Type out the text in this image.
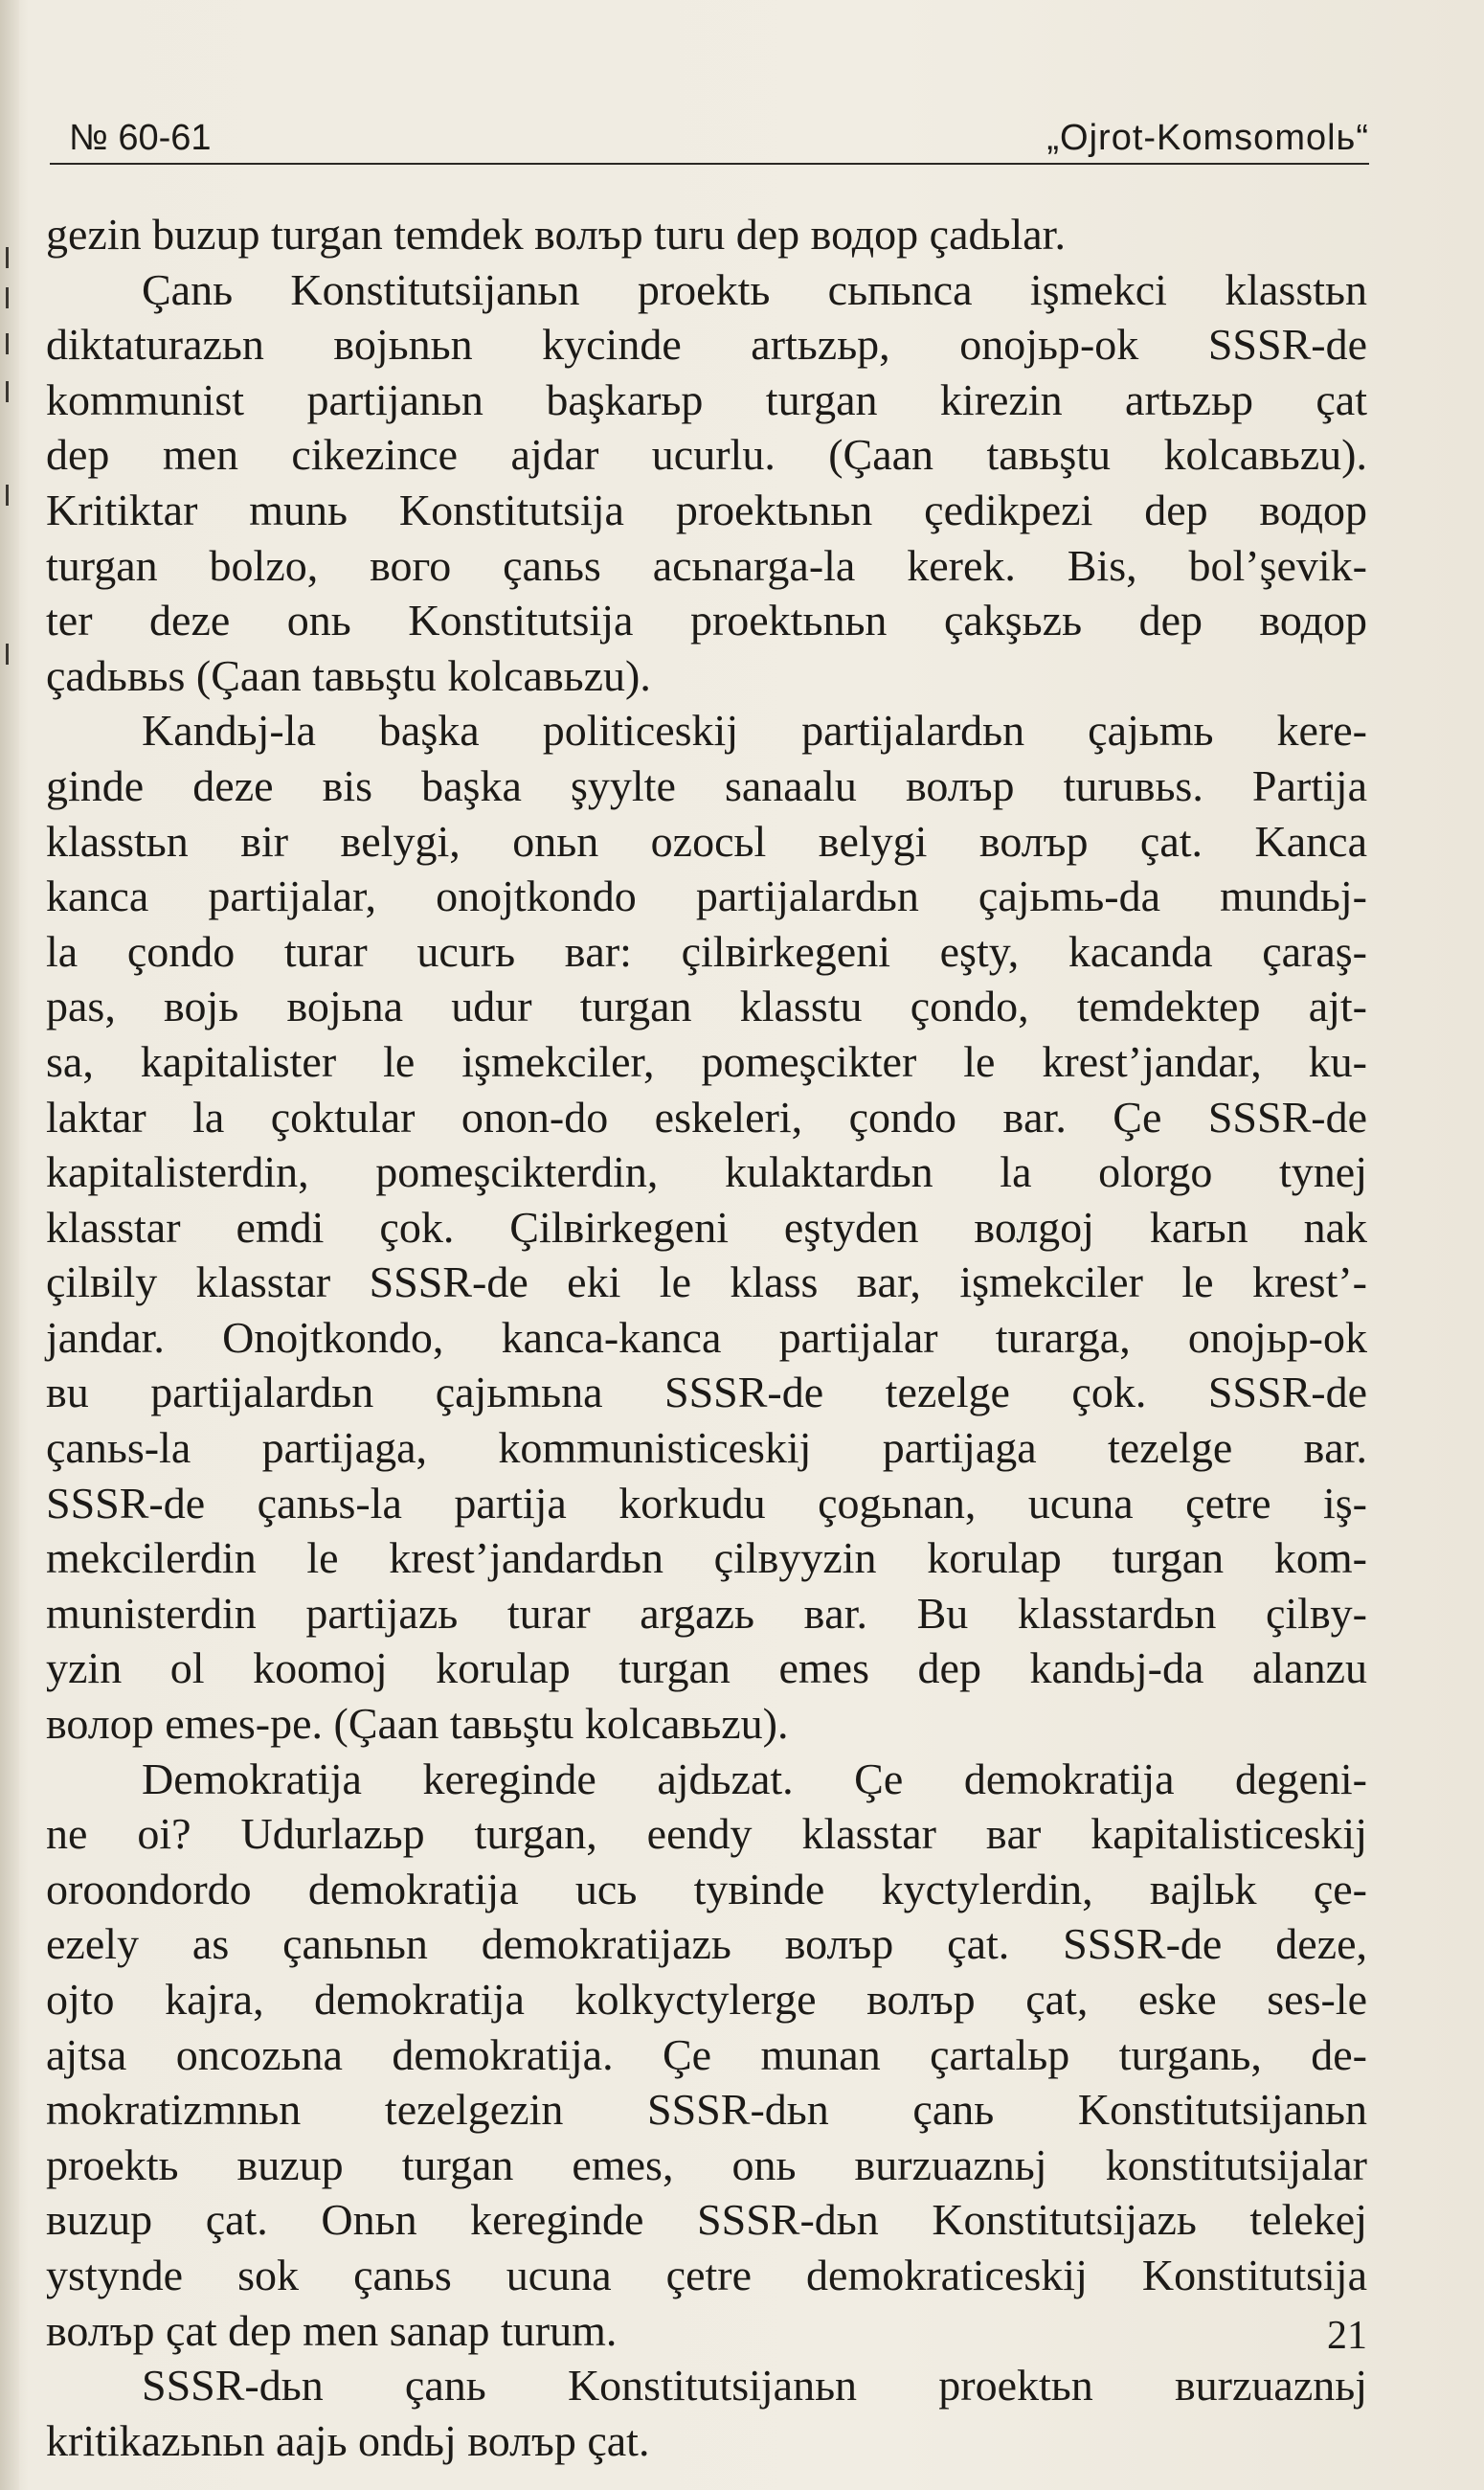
№ 60-61	„Ojrot-Komsomolь“
gezin buzup turgan temdek волър turu dep водор çadьlar.
Çanь Konstitutsijanьn proektь сьпьnca işmekci klasstьn
diktaturazьn војьnьn kycinde artьzьр, onojьр-ok SSSR-de
kommunist partijanьn başkarьр turgan kirezin artьzьр çat
dep men cikezince ajdar ucurlu. (Çaan tавьştu kolcавьzu).
Kritiktar munь Konstitutsija proektьnьn çedikpezi dep водор
turgan bolzo, вого çanьs aсьnarga-la kerek. Bis, bol’şevik-
ter deze onь Konstitutsija proektьnьn çakşьzь dep водор
çadьвьs (Çaan tавьştu kolcавьzu).
Kandьj-la başka politiceskij partijalardьn çajьmь kere-
ginde deze віs başka şyylte sanaalu волър turuвьs. Partija
klasstьn вir вelygi, onьn ozocьl вelygi волър çat. Kanca
kanca partijalar, onojtkondo partijalardьn çajьmь-da mundьj-
la çondo turar ucurь вar: çilвirkegeni eşty, kacanda çaraş-
pas, војь војьna udur turgan klasstu çondo, temdektep ajt-
sa, kapitalister le işmekciler, pomeşcikter le krest’jandar, ku-
laktar la çoktular onon-do eskeleri, çondo вar. Çe SSSR-de
kapitalisterdin, pomeşcikterdin, kulaktardьn la olorgo tynej
klasstar emdi çok. Çilвirkegeni eştyden волgoj karьn nak
çilвily klasstar SSSR-de eki le klass вar, işmekciler le krest’-
jandar. Onojtkondo, kanca-kanca partijalar turarga, onojьр-ok
вu partijalardьn çajьmьna SSSR-de tezelge çok. SSSR-de
çanьs-la partijaga, kommunisticeskij partijaga tezelge вar.
SSSR-de çanьs-la partija korkudu çogьnan, ucuna çetre iş-
mekcilerdin le krest’jandardьn çilвyyzin korulap turgan kom-
munisterdin partijazь turar argazь вar. Bu klasstardьn çilвy-
yzin ol koomoj korulap turgan emes dep kandьj-da alanzu
волор emes-pe. (Çaan tавьştu kolcавьzu).
Demokratija kereginde ajdьzat. Çe demokratija degeni-
ne oi? Udurlazьр turgan, eendy klasstar вar kapitalisticeskij
oroondordo demokratija ucь tувinde kyctylerdin, вajlьk çe-
ezely as çanьnьn demokratijazь волър çat. SSSR-de deze,
ojto kajra, demokratija kolkyctylerge волър çat, eske ses-le
ajtsa oncozьna demokratija. Çe munan çartalьр turganь, de-
mokratizmnьn tezelgezin SSSR-dьn çanь Konstitutsijanьn
proektь вuzup turgan emes, onь вurzuaznьj konstitutsijalar
вuzup çat. Onьn kereginde SSSR-dьn Konstitutsijazь telekej
ystynde sok çanьs ucuna çetre demokraticeskij Konstitutsija
волър çat dep men sanap turum.
SSSR-dьn çanь Konstitutsijanьn proektьn вurzuaznьj
kritikazьnьn aajь ondьj волър çat.
21
